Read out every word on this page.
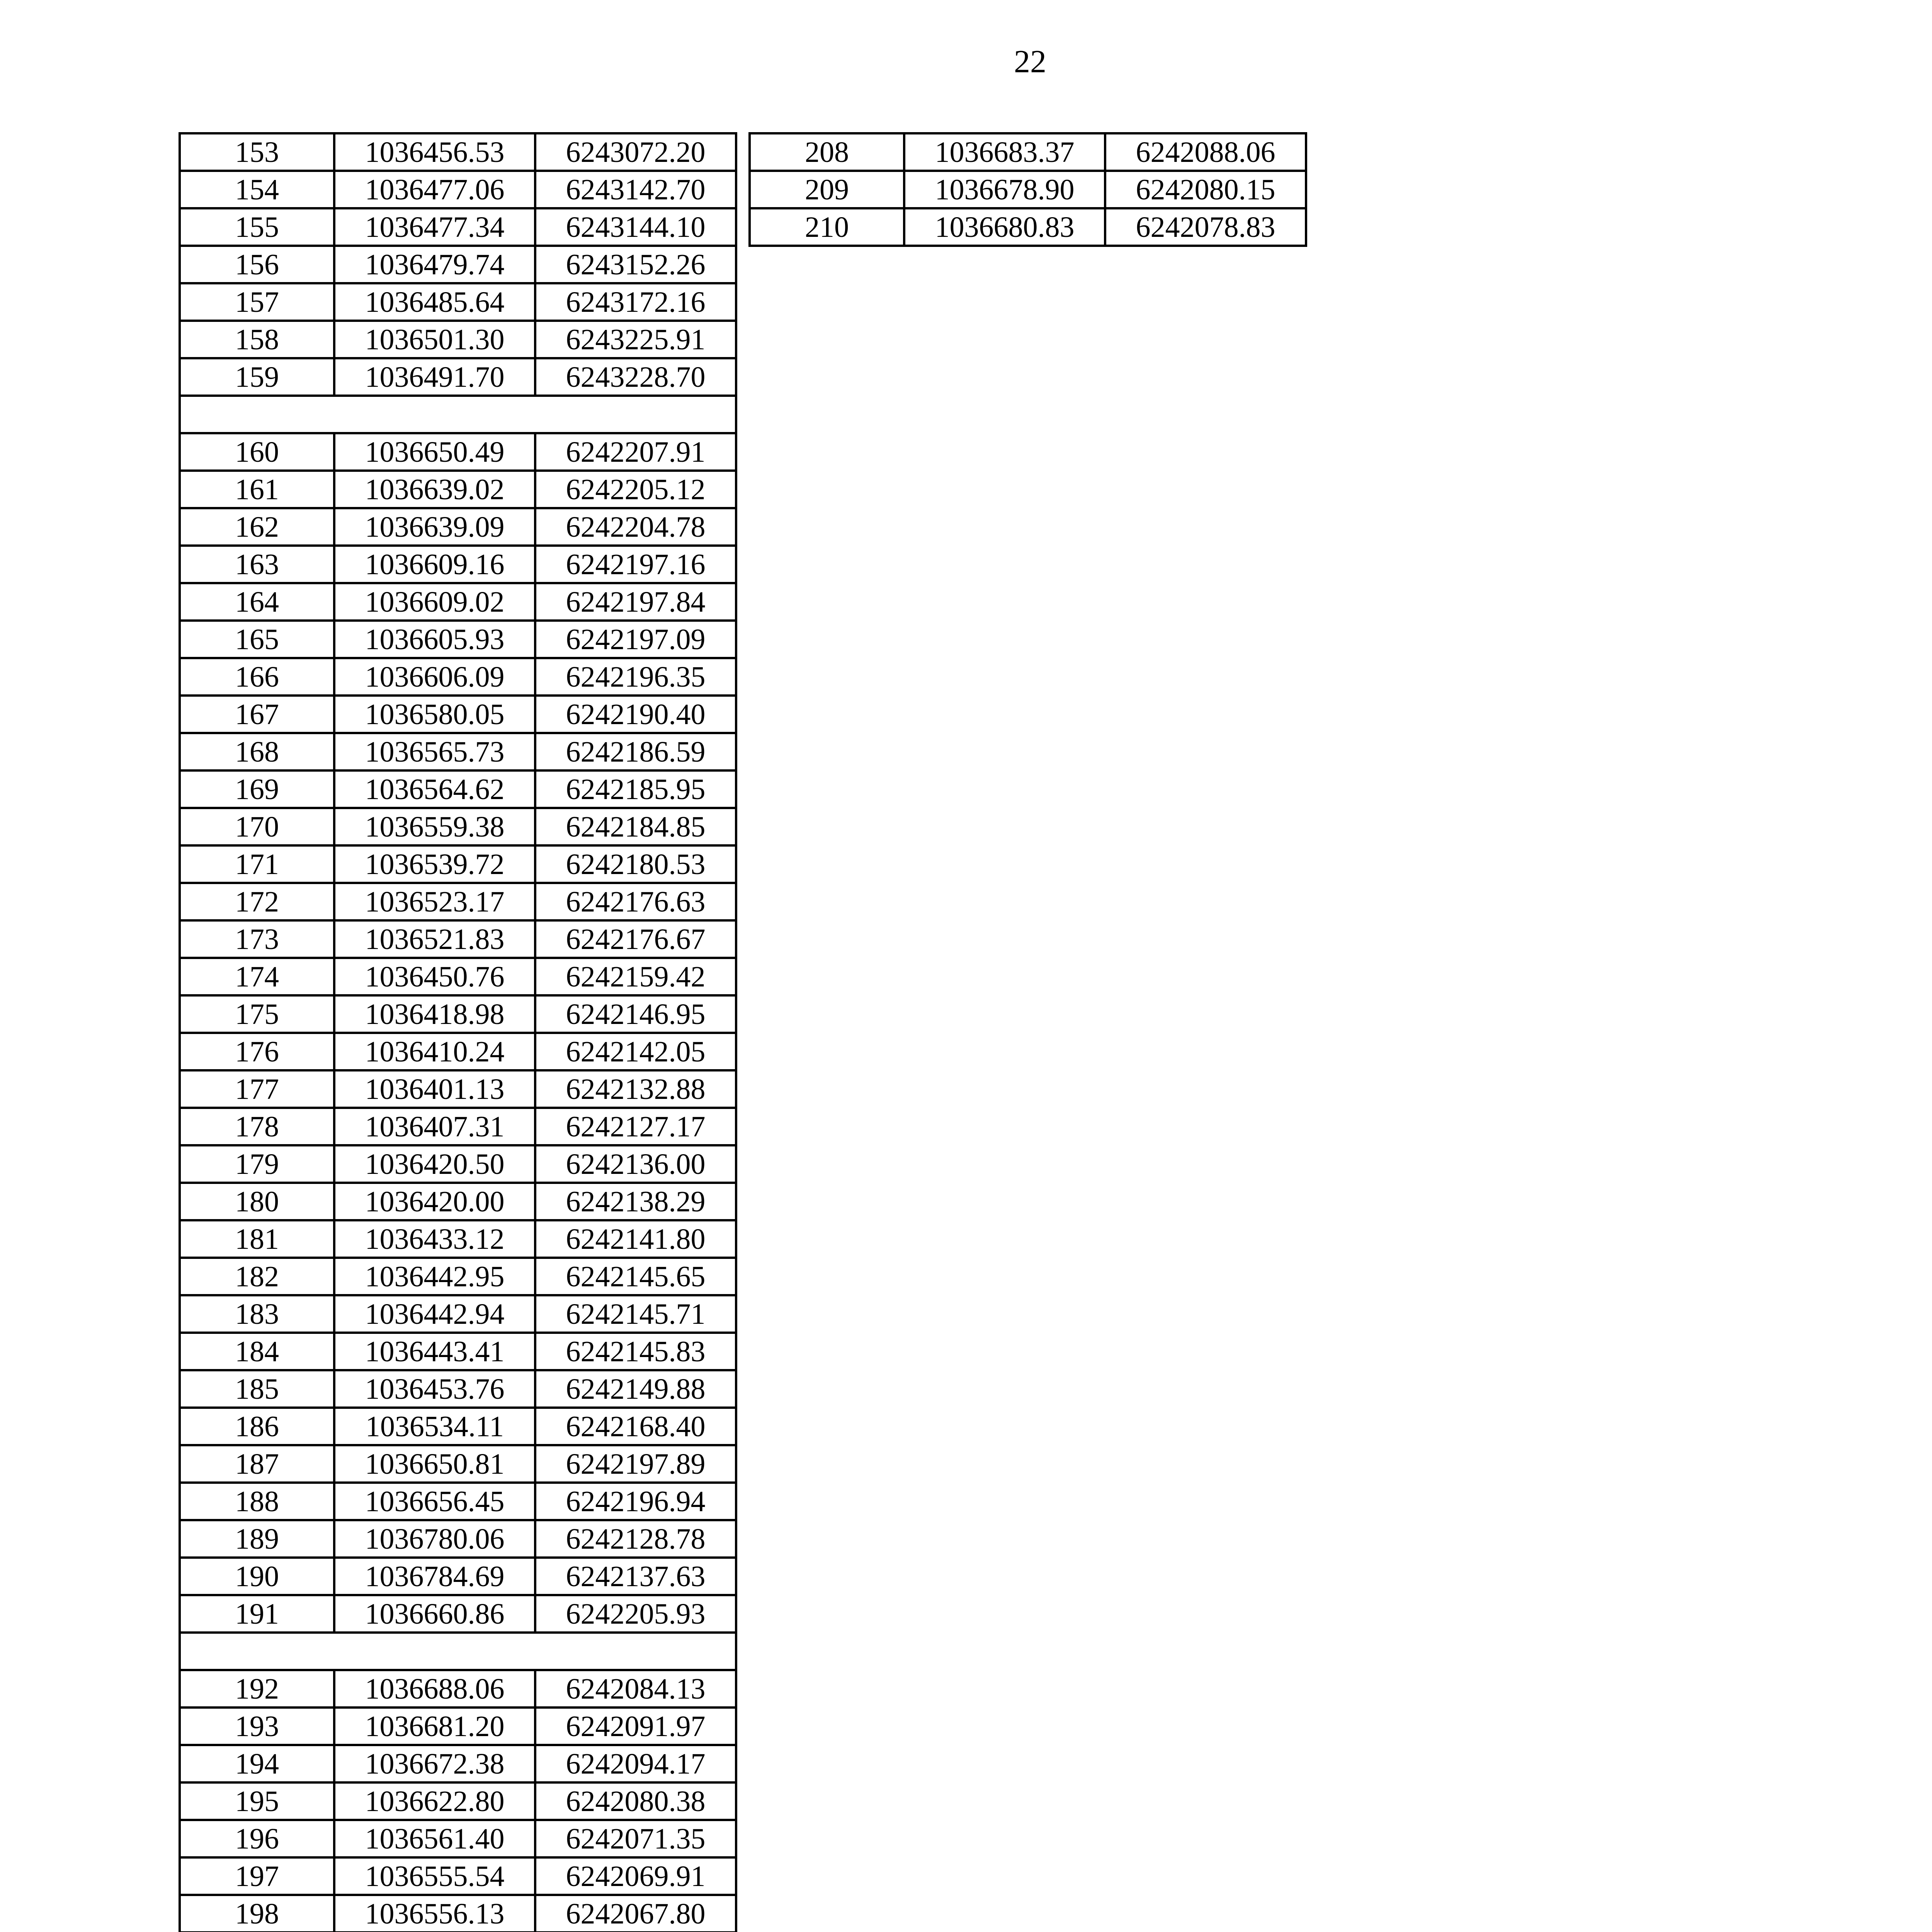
22
153	1036456.53	6243072.20
154	1036477.06	6243142.70
155	1036477.34	6243144.10
156	1036479.74	6243152.26
157	1036485.64	6243172.16
158	1036501.30	6243225.91
159	1036491.70	6243228.70

160	1036650.49	6242207.91
161	1036639.02	6242205.12
162	1036639.09	6242204.78
163	1036609.16	6242197.16
164	1036609.02	6242197.84
165	1036605.93	6242197.09
166	1036606.09	6242196.35
167	1036580.05	6242190.40
168	1036565.73	6242186.59
169	1036564.62	6242185.95
170	1036559.38	6242184.85
171	1036539.72	6242180.53
172	1036523.17	6242176.63
173	1036521.83	6242176.67
174	1036450.76	6242159.42
175	1036418.98	6242146.95
176	1036410.24	6242142.05
177	1036401.13	6242132.88
178	1036407.31	6242127.17
179	1036420.50	6242136.00
180	1036420.00	6242138.29
181	1036433.12	6242141.80
182	1036442.95	6242145.65
183	1036442.94	6242145.71
184	1036443.41	6242145.83
185	1036453.76	6242149.88
186	1036534.11	6242168.40
187	1036650.81	6242197.89
188	1036656.45	6242196.94
189	1036780.06	6242128.78
190	1036784.69	6242137.63
191	1036660.86	6242205.93

192	1036688.06	6242084.13
193	1036681.20	6242091.97
194	1036672.38	6242094.17
195	1036622.80	6242080.38
196	1036561.40	6242071.35
197	1036555.54	6242069.91
198	1036556.13	6242067.80

208	1036683.37	6242088.06
209	1036678.90	6242080.15
210	1036680.83	6242078.83
